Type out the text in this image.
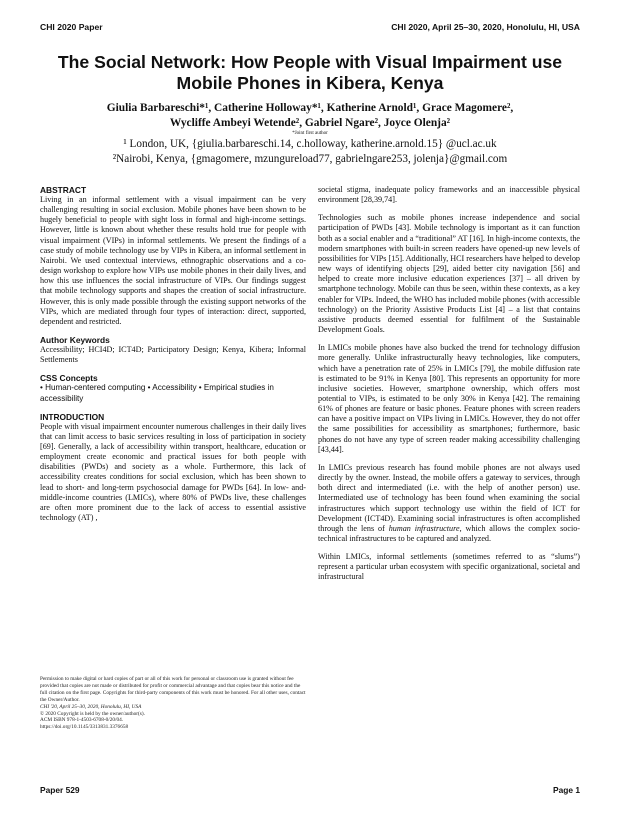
CHI 2020 Paper	CHI 2020, April 25–30, 2020, Honolulu, HI, USA
The Social Network: How People with Visual Impairment use Mobile Phones in Kibera, Kenya
Giulia Barbareschi*¹, Catherine Holloway*¹, Katherine Arnold¹, Grace Magomere²,
Wycliffe Ambeyi Wetende², Gabriel Ngare², Joyce Olenja²
*Joint first author
¹ London, UK, {giulia.barbareschi.14, c.holloway, katherine.arnold.15} @ucl.ac.uk
²Nairobi, Kenya, {gmagomere, mzungureload77, gabrielngare253, jolenja}@gmail.com
ABSTRACT

Living in an informal settlement with a visual impairment can be very challenging resulting in social exclusion. Mobile phones have been shown to be hugely beneficial to people with sight loss in formal and high-income settings. However, little is known about whether these results hold true for people with visual impairment (VIPs) in informal settlements. We present the findings of a case study of mobile technology use by VIPs in Kibera, an informal settlement in Nairobi. We used contextual interviews, ethnographic observations and a co-design workshop to explore how VIPs use mobile phones in their daily lives, and how this use influences the social infrastructure of VIPs. Our findings suggest that mobile technology supports and shapes the creation of social infrastructure. However, this is only made possible through the existing support networks of the VIPs, which are mediated through four types of interaction: direct, supported, dependent and restricted.

Author Keywords

Accessibility; HCI4D; ICT4D; Participatory Design; Kenya, Kibera; Informal Settlements

CSS Concepts

• Human-centered computing • Accessibility • Empirical studies in accessibility

INTRODUCTION

People with visual impairment encounter numerous challenges in their daily lives that can limit access to basic services resulting in loss of participation in society [69]. Generally, a lack of accessibility within transport, healthcare, education or employment create economic and practical issues for both people with disabilities (PWDs) and society as a whole. Furthermore, this lack of accessibility creates conditions for social exclusion, which has been shown to lead to short- and long-term psychosocial damage for PWDs [64]. In low- and-middle-income countries (LMICs), where 80% of PWDs live, these challenges are often more prominent due to the lack of access to essential assistive technology (AT) ,

Permission to make digital or hard copies of part or all of this work for personal or classroom use is granted without fee provided that copies are not made or distributed for profit or commercial advantage and that copies bear this notice and the full citation on the first page. Copyrights for third-party components of this work must be honored. For all other uses, contact the Owner/Author.
CHI '20, April 25–30, 2020, Honolulu, HI, USA
© 2020 Copyright is held by the owner/author(s).
ACM ISBN 978-1-4503-6708-0/20/04.
https://doi.org/10.1145/3313831.3376658

societal stigma, inadequate policy frameworks and an inaccessible physical environment [28,39,74].

Technologies such as mobile phones increase independence and social participation of PWDs [43]. Mobile technology is important as it can function both as a social enabler and a “traditional” AT [16]. In high-income contexts, the modern smartphones with built-in screen readers have opened-up new levels of possibilities for VIPs [15]. Additionally, HCI researchers have helped to develop new ways of identifying objects [29], aided better city navigation [56] and helped to create more inclusive education experiences [37] – all driven by smartphone technology. Mobile can thus be seen, within these contexts, as a key enabler for VIPs. Indeed, the WHO has included mobile phones (with accessible technology) on the Priority Assistive Products List [4] – a list that contains assistive products deemed essential for fulfilment of the Sustainable Development Goals.

In LMICs mobile phones have also bucked the trend for technology diffusion more generally. Unlike infrastructurally heavy technologies, like computers, which have a penetration rate of 25% in LMICs [79], the mobile diffusion rate is estimated to be 91% in Kenya [80]. This represents an opportunity for more inclusive societies. However, smartphone ownership, which offers most potential to VIPs, is estimated to be only 30% in Kenya [42]. The remaining 61% of phones are feature or basic phones. Feature phones with screen readers can have a positive impact on VIPs living in LMICs. However, they do not offer the same possibilities for accessibility as smartphones; furthermore, basic phones do not have any type of screen reader making accessibility challenging [43,44].

In LMICs previous research has found mobile phones are not always used directly by the owner. Instead, the mobile offers a gateway to services, through both direct and intermediated (i.e. with the help of another person) use. Intermediated use of technology has been found when examining the social infrastructures which support technology use within the field of ICT for Development (ICT4D). Examining social infrastructures is often accomplished through the lens of human infrastructure, which allows the complex socio-technical infrastructures to be captured and analyzed.

Within LMICs, informal settlements (sometimes referred to as “slums”) represent a particular urban ecosystem with specific organizational, societal and infrastructural

Paper 529	Page 1
